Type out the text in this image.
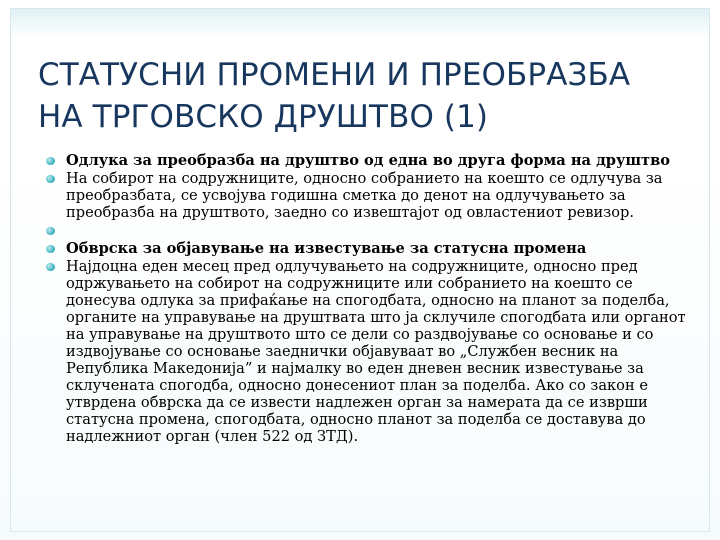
СТАТУСНИ ПРОМЕНИ И ПРЕОБРАЗБА
НА ТРГОВСКО ДРУШТВО (1)
Одлука за преобразба на друштво од една во друга форма на друштво
На собирот на содружниците, односно собранието на коешто се одлучува за преобразбата, се усвојува годишна сметка до денот на одлучувањето за преобразба на друштвото, заедно со извештајот од овластениот ревизор.
Обврска за објавување на известување за статусна промена
Најдоцна еден месец пред одлучувањето на содружниците, односно пред одржувањето на собирот на содружниците или собранието на коешто се донесува одлука за прифаќање на спогодбата, односно на планот за поделба, органите на управување на друштвата што ја склучиле спогодбата или органот на управување на друштвото што се дели со раздвојување со основање и со издвојување со основање заеднички објавуваат во „Службен весник на Република Македонија” и најмалку во еден дневен весник известување за склучената спогодба, односно донесениот план за поделба. Ако со закон е утврдена обврска да се извести надлежен орган за намерата да се изврши статусна промена, спогодбата, односно планот за поделба се доставува до надлежниот орган (член 522 од ЗТД).
